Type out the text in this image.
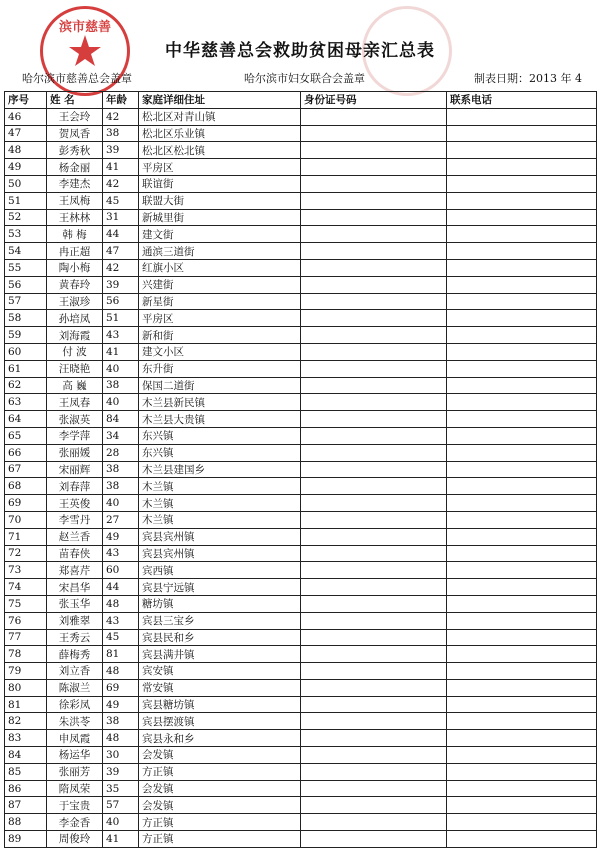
滨市慈善
中华慈善总会救助贫困母亲汇总表
哈尔滨市慈善总会盖章	哈尔滨市妇女联合会盖章	制表日期：2013 年 4
序号	姓 名	年龄	家庭详细住址	身份证号码	联系电话
46	王会玲	42	松北区对青山镇		
47	贺凤香	38	松北区乐业镇		
48	彭秀秋	39	松北区松北镇		
49	杨金丽	41	平房区		
50	李建杰	42	联谊街		
51	王凤梅	45	联盟大街		
52	王林林	31	新城里街		
53	韩 梅	44	建文街		
54	冉正超	47	通滨三道街		
55	陶小梅	42	红旗小区		
56	黄春玲	39	兴建街		
57	王淑珍	56	新星街		
58	孙培凤	51	平房区		
59	刘海霞	43	新和街		
60	付 波	41	建文小区		
61	汪晓艳	40	东升街		
62	高 巍	38	保国二道街		
63	王凤春	40	木兰县新民镇		
64	张淑英	84	木兰县大贵镇		
65	李学萍	34	东兴镇		
66	张丽媛	28	东兴镇		
67	宋丽辉	38	木兰县建国乡		
68	刘春萍	38	木兰镇		
69	王英俊	40	木兰镇		
70	李雪丹	27	木兰镇		
71	赵兰香	49	宾县宾州镇		
72	苗春侠	43	宾县宾州镇		
73	郑喜芹	60	宾西镇		
74	宋昌华	44	宾县宁远镇		
75	张玉华	48	糖坊镇		
76	刘雅翠	43	宾县三宝乡		
77	王秀云	45	宾县民和乡		
78	薛梅秀	81	宾县满井镇		
79	刘立香	48	宾安镇		
80	陈淑兰	69	常安镇		
81	徐彩凤	49	宾县糖坊镇		
82	朱洪苓	38	宾县摆渡镇		
83	申凤霞	48	宾县永和乡		
84	杨运华	30	会发镇		
85	张丽芳	39	方正镇		
86	隋凤荣	35	会发镇		
87	于宝贵	57	会发镇		
88	李金香	40	方正镇		
89	周俊玲	41	方正镇		
